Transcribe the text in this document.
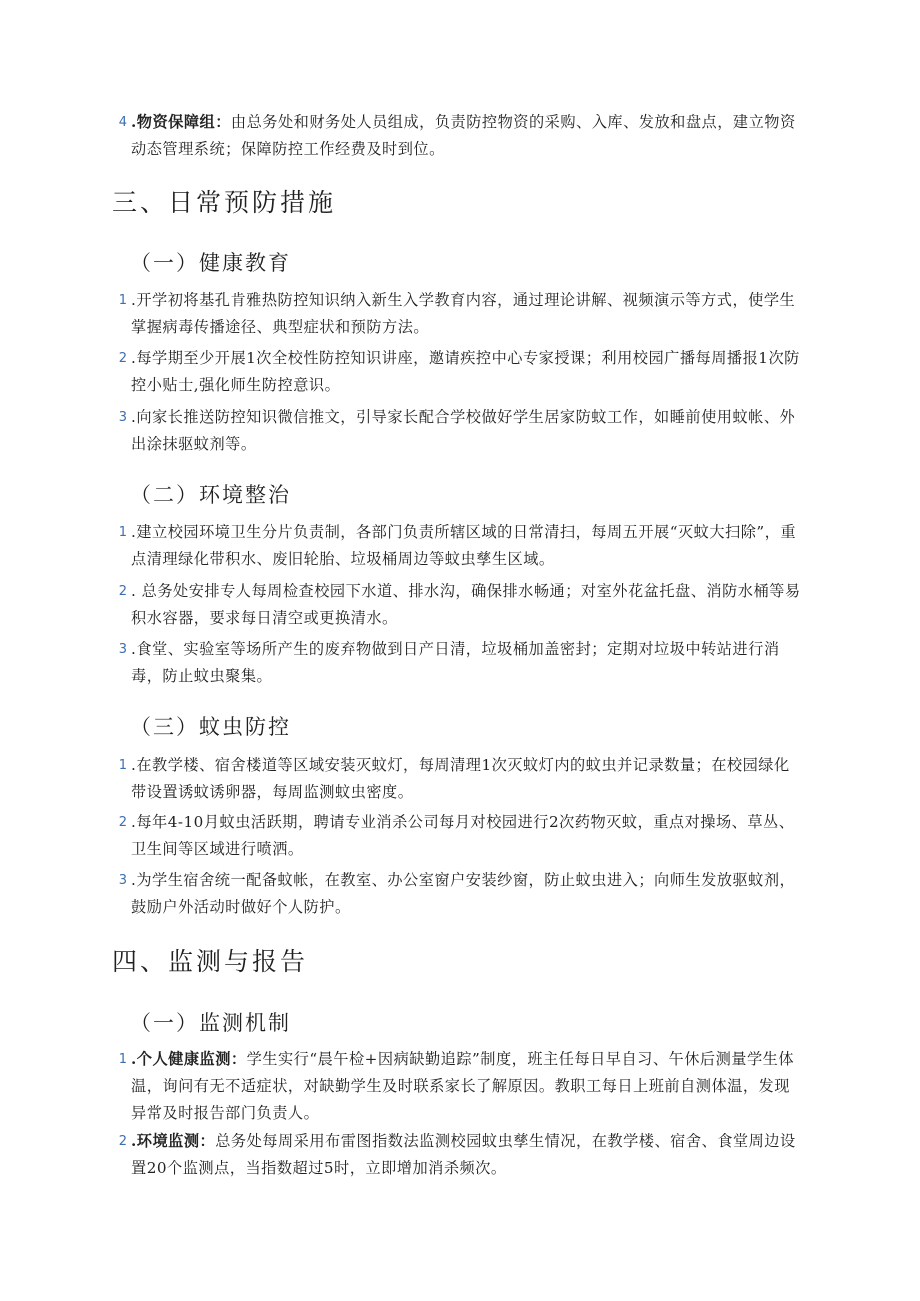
4 .物资保障组：由总务处和财务处人员组成，负责防控物资的采购、入库、发放和盘点，建立物资动态管理系统；保障防控工作经费及时到位。
三、日常预防措施
（一）健康教育
1 .开学初将基孔肯雅热防控知识纳入新生入学教育内容，通过理论讲解、视频演示等方式，使学生掌握病毒传播途径、典型症状和预防方法。
2 .每学期至少开展1次全校性防控知识讲座，邀请疾控中心专家授课；利用校园广播每周播报1次防控小贴士,强化师生防控意识。
3 .向家长推送防控知识微信推文，引导家长配合学校做好学生居家防蚊工作，如睡前使用蚊帐、外出涂抹驱蚊剂等。
（二）环境整治
1 .建立校园环境卫生分片负责制，各部门负责所辖区域的日常清扫，每周五开展“灭蚊大扫除”，重点清理绿化带积水、废旧轮胎、垃圾桶周边等蚊虫孳生区域。
2 . 总务处安排专人每周检查校园下水道、排水沟，确保排水畅通；对室外花盆托盘、消防水桶等易积水容器，要求每日清空或更换清水。
3 .食堂、实验室等场所产生的废弃物做到日产日清，垃圾桶加盖密封；定期对垃圾中转站进行消毒，防止蚊虫聚集。
（三）蚊虫防控
1 .在教学楼、宿舍楼道等区域安装灭蚊灯，每周清理1次灭蚊灯内的蚊虫并记录数量；在校园绿化带设置诱蚊诱卵器，每周监测蚊虫密度。
2 .每年4-10月蚊虫活跃期，聘请专业消杀公司每月对校园进行2次药物灭蚊，重点对操场、草丛、卫生间等区域进行喷洒。
3 .为学生宿舍统一配备蚊帐，在教室、办公室窗户安装纱窗，防止蚊虫进入；向师生发放驱蚊剂，鼓励户外活动时做好个人防护。
四、监测与报告
（一）监测机制
1 .个人健康监测：学生实行“晨午检+因病缺勤追踪”制度，班主任每日早自习、午休后测量学生体温，询问有无不适症状，对缺勤学生及时联系家长了解原因。教职工每日上班前自测体温，发现异常及时报告部门负责人。
2 .环境监测：总务处每周采用布雷图指数法监测校园蚊虫孳生情况，在教学楼、宿舍、食堂周边设置20个监测点，当指数超过5时，立即增加消杀频次。
